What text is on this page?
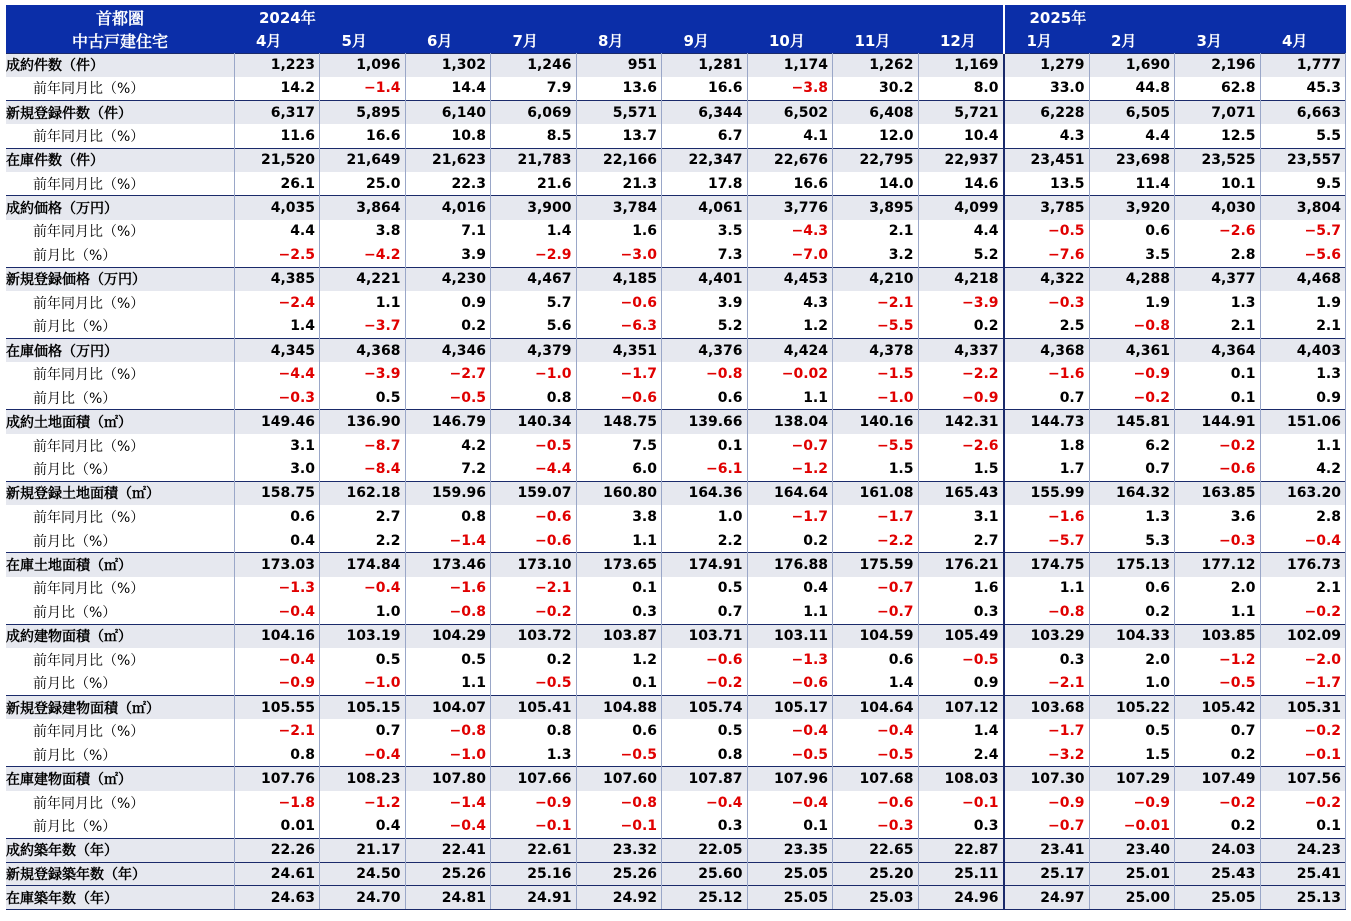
首都圏	2024年									2025年			
中古戸建住宅	4月	5月	6月	7月	8月	9月	10月	11月	12月	1月	2月	3月	4月
成約件数（件）	1,223	1,096	1,302	1,246	951	1,281	1,174	1,262	1,169	1,279	1,690	2,196	1,777
前年同月比（%）	14.2	−1.4	14.4	7.9	13.6	16.6	−3.8	30.2	8.0	33.0	44.8	62.8	45.3
新規登録件数（件）	6,317	5,895	6,140	6,069	5,571	6,344	6,502	6,408	5,721	6,228	6,505	7,071	6,663
前年同月比（%）	11.6	16.6	10.8	8.5	13.7	6.7	4.1	12.0	10.4	4.3	4.4	12.5	5.5
在庫件数（件）	21,520	21,649	21,623	21,783	22,166	22,347	22,676	22,795	22,937	23,451	23,698	23,525	23,557
前年同月比（%）	26.1	25.0	22.3	21.6	21.3	17.8	16.6	14.0	14.6	13.5	11.4	10.1	9.5
成約価格（万円）	4,035	3,864	4,016	3,900	3,784	4,061	3,776	3,895	4,099	3,785	3,920	4,030	3,804
前年同月比（%）	4.4	3.8	7.1	1.4	1.6	3.5	−4.3	2.1	4.4	−0.5	0.6	−2.6	−5.7
前月比（%）	−2.5	−4.2	3.9	−2.9	−3.0	7.3	−7.0	3.2	5.2	−7.6	3.5	2.8	−5.6
新規登録価格（万円）	4,385	4,221	4,230	4,467	4,185	4,401	4,453	4,210	4,218	4,322	4,288	4,377	4,468
前年同月比（%）	−2.4	1.1	0.9	5.7	−0.6	3.9	4.3	−2.1	−3.9	−0.3	1.9	1.3	1.9
前月比（%）	1.4	−3.7	0.2	5.6	−6.3	5.2	1.2	−5.5	0.2	2.5	−0.8	2.1	2.1
在庫価格（万円）	4,345	4,368	4,346	4,379	4,351	4,376	4,424	4,378	4,337	4,368	4,361	4,364	4,403
前年同月比（%）	−4.4	−3.9	−2.7	−1.0	−1.7	−0.8	−0.02	−1.5	−2.2	−1.6	−0.9	0.1	1.3
前月比（%）	−0.3	0.5	−0.5	0.8	−0.6	0.6	1.1	−1.0	−0.9	0.7	−0.2	0.1	0.9
成約土地面積（㎡）	149.46	136.90	146.79	140.34	148.75	139.66	138.04	140.16	142.31	144.73	145.81	144.91	151.06
前年同月比（%）	3.1	−8.7	4.2	−0.5	7.5	0.1	−0.7	−5.5	−2.6	1.8	6.2	−0.2	1.1
前月比（%）	3.0	−8.4	7.2	−4.4	6.0	−6.1	−1.2	1.5	1.5	1.7	0.7	−0.6	4.2
新規登録土地面積（㎡）	158.75	162.18	159.96	159.07	160.80	164.36	164.64	161.08	165.43	155.99	164.32	163.85	163.20
前年同月比（%）	0.6	2.7	0.8	−0.6	3.8	1.0	−1.7	−1.7	3.1	−1.6	1.3	3.6	2.8
前月比（%）	0.4	2.2	−1.4	−0.6	1.1	2.2	0.2	−2.2	2.7	−5.7	5.3	−0.3	−0.4
在庫土地面積（㎡）	173.03	174.84	173.46	173.10	173.65	174.91	176.88	175.59	176.21	174.75	175.13	177.12	176.73
前年同月比（%）	−1.3	−0.4	−1.6	−2.1	0.1	0.5	0.4	−0.7	1.6	1.1	0.6	2.0	2.1
前月比（%）	−0.4	1.0	−0.8	−0.2	0.3	0.7	1.1	−0.7	0.3	−0.8	0.2	1.1	−0.2
成約建物面積（㎡）	104.16	103.19	104.29	103.72	103.87	103.71	103.11	104.59	105.49	103.29	104.33	103.85	102.09
前年同月比（%）	−0.4	0.5	0.5	0.2	1.2	−0.6	−1.3	0.6	−0.5	0.3	2.0	−1.2	−2.0
前月比（%）	−0.9	−1.0	1.1	−0.5	0.1	−0.2	−0.6	1.4	0.9	−2.1	1.0	−0.5	−1.7
新規登録建物面積（㎡）	105.55	105.15	104.07	105.41	104.88	105.74	105.17	104.64	107.12	103.68	105.22	105.42	105.31
前年同月比（%）	−2.1	0.7	−0.8	0.8	0.6	0.5	−0.4	−0.4	1.4	−1.7	0.5	0.7	−0.2
前月比（%）	0.8	−0.4	−1.0	1.3	−0.5	0.8	−0.5	−0.5	2.4	−3.2	1.5	0.2	−0.1
在庫建物面積（㎡）	107.76	108.23	107.80	107.66	107.60	107.87	107.96	107.68	108.03	107.30	107.29	107.49	107.56
前年同月比（%）	−1.8	−1.2	−1.4	−0.9	−0.8	−0.4	−0.4	−0.6	−0.1	−0.9	−0.9	−0.2	−0.2
前月比（%）	0.01	0.4	−0.4	−0.1	−0.1	0.3	0.1	−0.3	0.3	−0.7	−0.01	0.2	0.1
成約築年数（年）	22.26	21.17	22.41	22.61	23.32	22.05	23.35	22.65	22.87	23.41	23.40	24.03	24.23
新規登録築年数（年）	24.61	24.50	25.26	25.16	25.26	25.60	25.05	25.20	25.11	25.17	25.01	25.43	25.41
在庫築年数（年）	24.63	24.70	24.81	24.91	24.92	25.12	25.05	25.03	24.96	24.97	25.00	25.05	25.13
